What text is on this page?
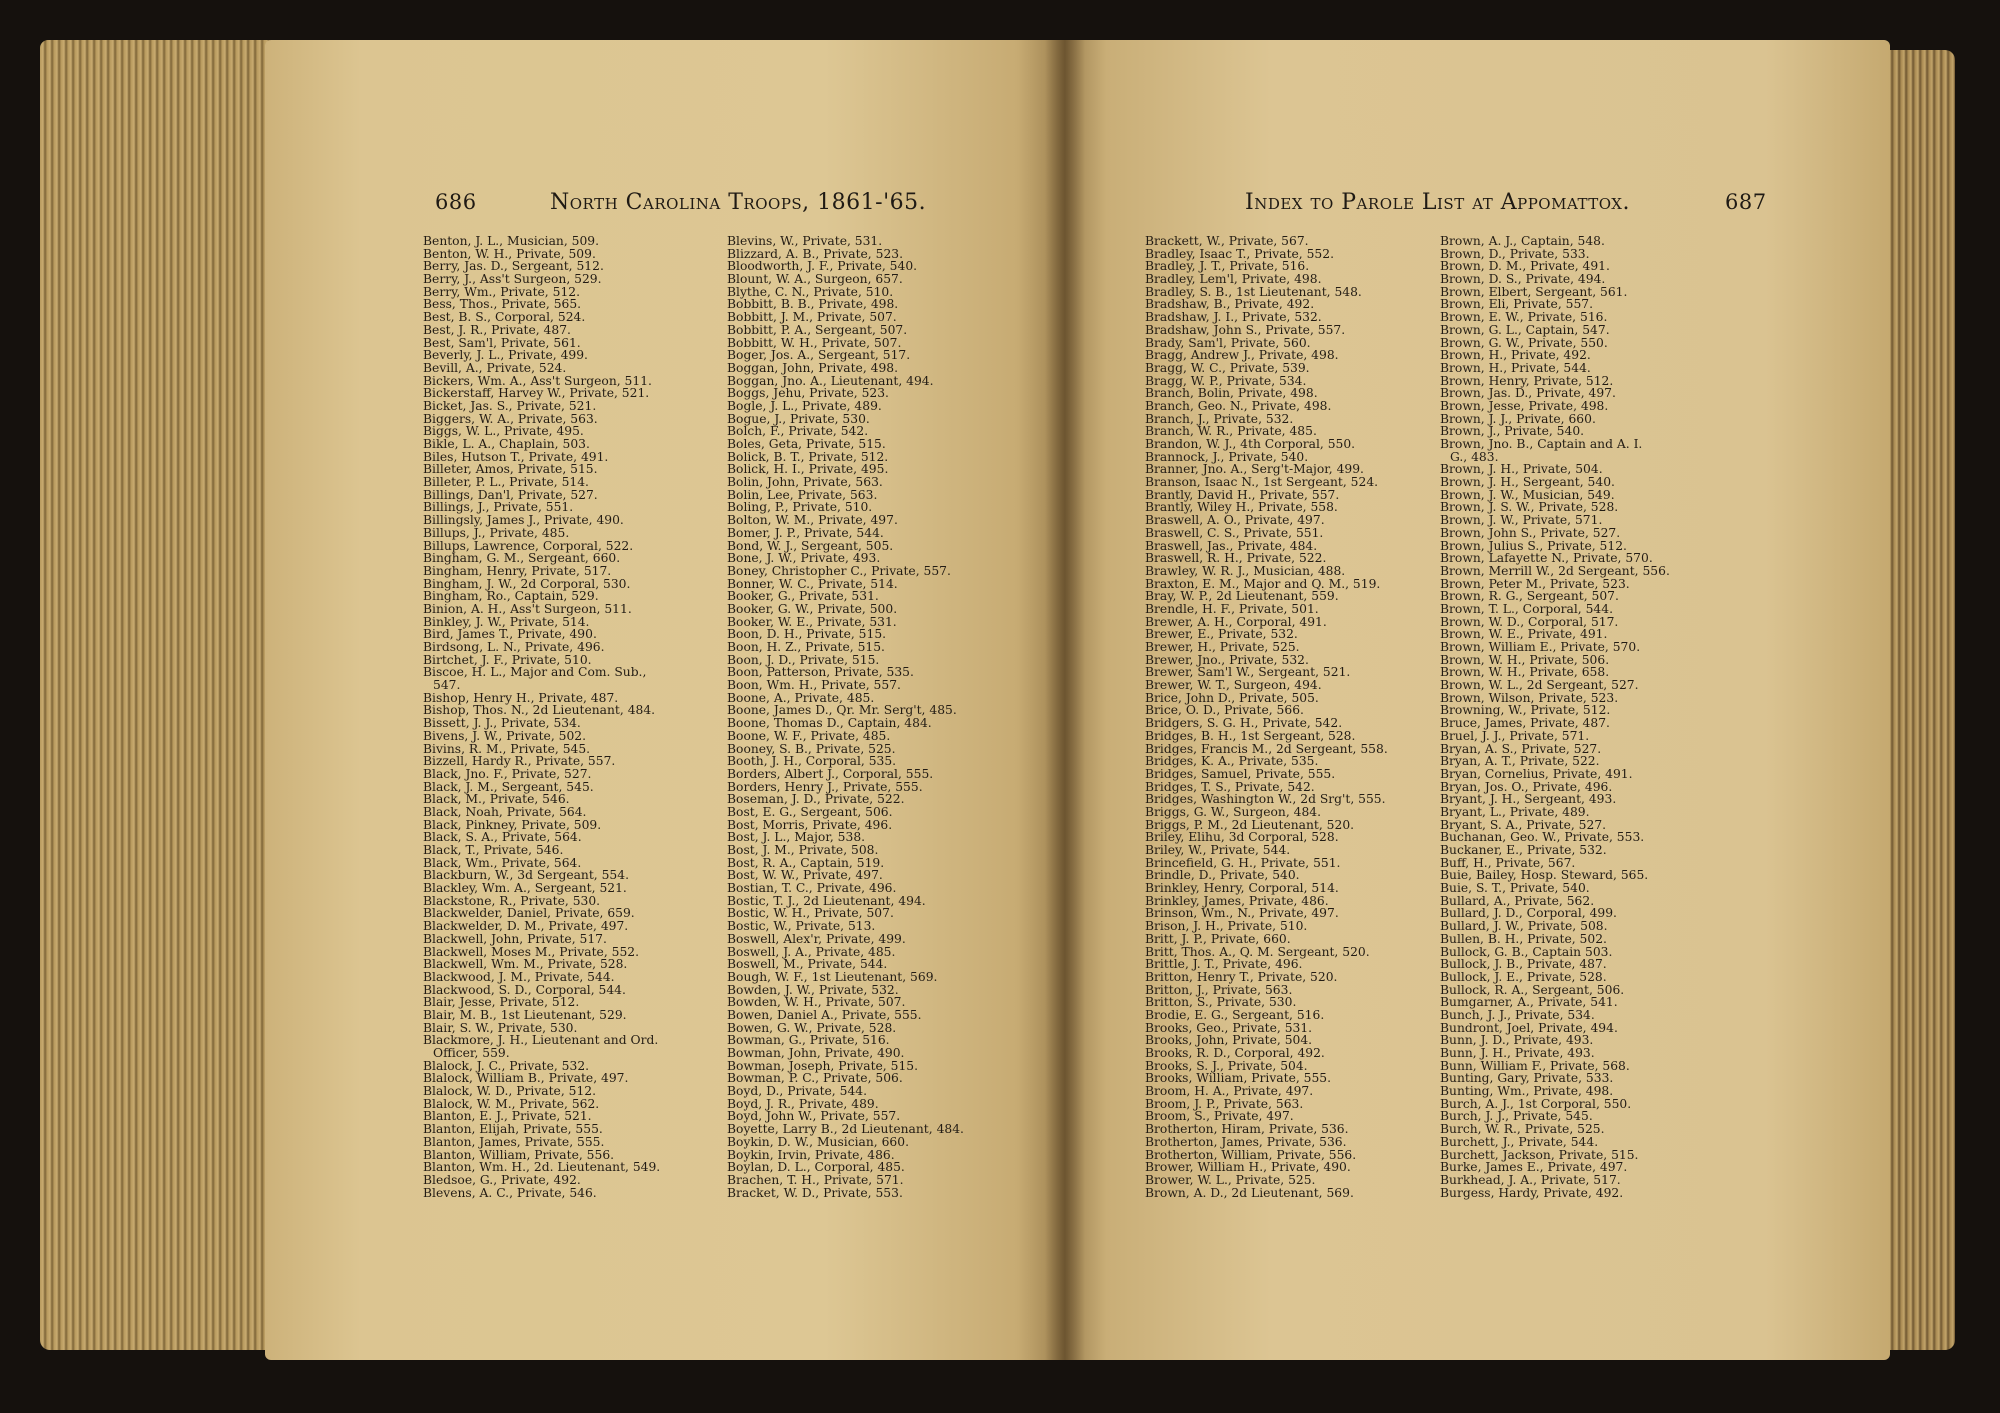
686	North Carolina Troops, 1861-'65.
Benton, J. L., Musician, 509.
Benton, W. H., Private, 509.
Berry, Jas. D., Sergeant, 512.
Berry, J., Ass't Surgeon, 529.
Berry, Wm., Private, 512.
Bess, Thos., Private, 565.
Best, B. S., Corporal, 524.
Best, J. R., Private, 487.
Best, Sam'l, Private, 561.
Beverly, J. L., Private, 499.
Bevill, A., Private, 524.
Bickers, Wm. A., Ass't Surgeon, 511.
Bickerstaff, Harvey W., Private, 521.
Bicket, Jas. S., Private, 521.
Biggers, W. A., Private, 563.
Biggs, W. L., Private, 495.
Bikle, L. A., Chaplain, 503.
Biles, Hutson T., Private, 491.
Billeter, Amos, Private, 515.
Billeter, P. L., Private, 514.
Billings, Dan'l, Private, 527.
Billings, J., Private, 551.
Billingsly, James J., Private, 490.
Billups, J., Private, 485.
Billups, Lawrence, Corporal, 522.
Bingham, G. M., Sergeant, 660.
Bingham, Henry, Private, 517.
Bingham, J. W., 2d Corporal, 530.
Bingham, Ro., Captain, 529.
Binion, A. H., Ass't Surgeon, 511.
Binkley, J. W., Private, 514.
Bird, James T., Private, 490.
Birdsong, L. N., Private, 496.
Birtchet, J. F., Private, 510.
Biscoe, H. L., Major and Com. Sub.,
547.
Bishop, Henry H., Private, 487.
Bishop, Thos. N., 2d Lieutenant, 484.
Bissett, J. J., Private, 534.
Bivens, J. W., Private, 502.
Bivins, R. M., Private, 545.
Bizzell, Hardy R., Private, 557.
Black, Jno. F., Private, 527.
Black, J. M., Sergeant, 545.
Black, M., Private, 546.
Black, Noah, Private, 564.
Black, Pinkney, Private, 509.
Black, S. A., Private, 564.
Black, T., Private, 546.
Black, Wm., Private, 564.
Blackburn, W., 3d Sergeant, 554.
Blackley, Wm. A., Sergeant, 521.
Blackstone, R., Private, 530.
Blackwelder, Daniel, Private, 659.
Blackwelder, D. M., Private, 497.
Blackwell, John, Private, 517.
Blackwell, Moses M., Private, 552.
Blackwell, Wm. M., Private, 528.
Blackwood, J. M., Private, 544.
Blackwood, S. D., Corporal, 544.
Blair, Jesse, Private, 512.
Blair, M. B., 1st Lieutenant, 529.
Blair, S. W., Private, 530.
Blackmore, J. H., Lieutenant and Ord.
Officer, 559.
Blalock, J. C., Private, 532.
Blalock, William B., Private, 497.
Blalock, W. D., Private, 512.
Blalock, W. M., Private, 562.
Blanton, E. J., Private, 521.
Blanton, Elijah, Private, 555.
Blanton, James, Private, 555.
Blanton, William, Private, 556.
Blanton, Wm. H., 2d. Lieutenant, 549.
Bledsoe, G., Private, 492.
Blevens, A. C., Private, 546.
Blevins, W., Private, 531.
Blizzard, A. B., Private, 523.
Bloodworth, J. F., Private, 540.
Blount, W. A., Surgeon, 657.
Blythe, C. N., Private, 510.
Bobbitt, B. B., Private, 498.
Bobbitt, J. M., Private, 507.
Bobbitt, P. A., Sergeant, 507.
Bobbitt, W. H., Private, 507.
Boger, Jos. A., Sergeant, 517.
Boggan, John, Private, 498.
Boggan, Jno. A., Lieutenant, 494.
Boggs, Jehu, Private, 523.
Bogle, J. L., Private, 489.
Bogue, J., Private, 530.
Bolch, F., Private, 542.
Boles, Geta, Private, 515.
Bolick, B. T., Private, 512.
Bolick, H. I., Private, 495.
Bolin, John, Private, 563.
Bolin, Lee, Private, 563.
Boling, P., Private, 510.
Bolton, W. M., Private, 497.
Bomer, J. P., Private, 544.
Bond, W. J., Sergeant, 505.
Bone, J. W., Private, 493.
Boney, Christopher C., Private, 557.
Bonner, W. C., Private, 514.
Booker, G., Private, 531.
Booker, G. W., Private, 500.
Booker, W. E., Private, 531.
Boon, D. H., Private, 515.
Boon, H. Z., Private, 515.
Boon, J. D., Private, 515.
Boon, Patterson, Private, 535.
Boon, Wm. H., Private, 557.
Boone, A., Private, 485.
Boone, James D., Qr. Mr. Serg't, 485.
Boone, Thomas D., Captain, 484.
Boone, W. F., Private, 485.
Booney, S. B., Private, 525.
Booth, J. H., Corporal, 535.
Borders, Albert J., Corporal, 555.
Borders, Henry J., Private, 555.
Boseman, J. D., Private, 522.
Bost, E. G., Sergeant, 506.
Bost, Morris, Private, 496.
Bost, J. L., Major, 538.
Bost, J. M., Private, 508.
Bost, R. A., Captain, 519.
Bost, W. W., Private, 497.
Bostian, T. C., Private, 496.
Bostic, T. J., 2d Lieutenant, 494.
Bostic, W. H., Private, 507.
Bostic, W., Private, 513.
Boswell, Alex'r, Private, 499.
Boswell, J. A., Private, 485.
Boswell, M., Private, 544.
Bough, W. F., 1st Lieutenant, 569.
Bowden, J. W., Private, 532.
Bowden, W. H., Private, 507.
Bowen, Daniel A., Private, 555.
Bowen, G. W., Private, 528.
Bowman, G., Private, 516.
Bowman, John, Private, 490.
Bowman, Joseph, Private, 515.
Bowman, P. C., Private, 506.
Boyd, D., Private, 544.
Boyd, J. R., Private, 489.
Boyd, John W., Private, 557.
Boyette, Larry B., 2d Lieutenant, 484.
Boykin, D. W., Musician, 660.
Boykin, Irvin, Private, 486.
Boylan, D. L., Corporal, 485.
Brachen, T. H., Private, 571.
Bracket, W. D., Private, 553.
Index to Parole List at Appomattox.	687
Brackett, W., Private, 567.
Bradley, Isaac T., Private, 552.
Bradley, J. T., Private, 516.
Bradley, Lem'l, Private, 498.
Bradley, S. B., 1st Lieutenant, 548.
Bradshaw, B., Private, 492.
Bradshaw, J. I., Private, 532.
Bradshaw, John S., Private, 557.
Brady, Sam'l, Private, 560.
Bragg, Andrew J., Private, 498.
Bragg, W. C., Private, 539.
Bragg, W. P., Private, 534.
Branch, Bolin, Private, 498.
Branch, Geo. N., Private, 498.
Branch, J., Private, 532.
Branch, W. R., Private, 485.
Brandon, W. J., 4th Corporal, 550.
Brannock, J., Private, 540.
Branner, Jno. A., Serg't-Major, 499.
Branson, Isaac N., 1st Sergeant, 524.
Brantly, David H., Private, 557.
Brantly, Wiley H., Private, 558.
Braswell, A. O., Private, 497.
Braswell, C. S., Private, 551.
Braswell, Jas., Private, 484.
Braswell, R. H., Private, 522.
Brawley, W. R. J., Musician, 488.
Braxton, E. M., Major and Q. M., 519.
Bray, W. P., 2d Lieutenant, 559.
Brendle, H. F., Private, 501.
Brewer, A. H., Corporal, 491.
Brewer, E., Private, 532.
Brewer, H., Private, 525.
Brewer, Jno., Private, 532.
Brewer, Sam'l W., Sergeant, 521.
Brewer, W. T., Surgeon, 494.
Brice, John D., Private, 505.
Brice, O. D., Private, 566.
Bridgers, S. G. H., Private, 542.
Bridges, B. H., 1st Sergeant, 528.
Bridges, Francis M., 2d Sergeant, 558.
Bridges, K. A., Private, 535.
Bridges, Samuel, Private, 555.
Bridges, T. S., Private, 542.
Bridges, Washington W., 2d Srg't, 555.
Briggs, G. W., Surgeon, 484.
Briggs, P. M., 2d Lieutenant, 520.
Briley, Elihu, 3d Corporal, 528.
Briley, W., Private, 544.
Brincefield, G. H., Private, 551.
Brindle, D., Private, 540.
Brinkley, Henry, Corporal, 514.
Brinkley, James, Private, 486.
Brinson, Wm., N., Private, 497.
Brison, J. H., Private, 510.
Britt, J. P., Private, 660.
Britt, Thos. A., Q. M. Sergeant, 520.
Brittle, J. T., Private, 496.
Britton, Henry T., Private, 520.
Britton, J., Private, 563.
Britton, S., Private, 530.
Brodie, E. G., Sergeant, 516.
Brooks, Geo., Private, 531.
Brooks, John, Private, 504.
Brooks, R. D., Corporal, 492.
Brooks, S. J., Private, 504.
Brooks, William, Private, 555.
Broom, H. A., Private, 497.
Broom, J. P., Private, 563.
Broom, S., Private, 497.
Brotherton, Hiram, Private, 536.
Brotherton, James, Private, 536.
Brotherton, William, Private, 556.
Brower, William H., Private, 490.
Brower, W. L., Private, 525.
Brown, A. D., 2d Lieutenant, 569.
Brown, A. J., Captain, 548.
Brown, D., Private, 533.
Brown, D. M., Private, 491.
Brown, D. S., Private, 494.
Brown, Elbert, Sergeant, 561.
Brown, Eli, Private, 557.
Brown, E. W., Private, 516.
Brown, G. L., Captain, 547.
Brown, G. W., Private, 550.
Brown, H., Private, 492.
Brown, H., Private, 544.
Brown, Henry, Private, 512.
Brown, Jas. D., Private, 497.
Brown, Jesse, Private, 498.
Brown, J. J., Private, 660.
Brown, J., Private, 540.
Brown, Jno. B., Captain and A. I.
G., 483.
Brown, J. H., Private, 504.
Brown, J. H., Sergeant, 540.
Brown, J. W., Musician, 549.
Brown, J. S. W., Private, 528.
Brown, J. W., Private, 571.
Brown, John S., Private, 527.
Brown, Julius S., Private, 512.
Brown, Lafayette N., Private, 570.
Brown, Merrill W., 2d Sergeant, 556.
Brown, Peter M., Private, 523.
Brown, R. G., Sergeant, 507.
Brown, T. L., Corporal, 544.
Brown, W. D., Corporal, 517.
Brown, W. E., Private, 491.
Brown, William E., Private, 570.
Brown, W. H., Private, 506.
Brown, W. H., Private, 658.
Brown, W. L., 2d Sergeant, 527.
Brown, Wilson, Private, 523.
Browning, W., Private, 512.
Bruce, James, Private, 487.
Bruel, J. J., Private, 571.
Bryan, A. S., Private, 527.
Bryan, A. T., Private, 522.
Bryan, Cornelius, Private, 491.
Bryan, Jos. O., Private, 496.
Bryant, J. H., Sergeant, 493.
Bryant, L., Private, 489.
Bryant, S. A., Private, 527.
Buchanan, Geo. W., Private, 553.
Buckaner, E., Private, 532.
Buff, H., Private, 567.
Buie, Bailey, Hosp. Steward, 565.
Buie, S. T., Private, 540.
Bullard, A., Private, 562.
Bullard, J. D., Corporal, 499.
Bullard, J. W., Private, 508.
Bullen, B. H., Private, 502.
Bullock, G. B., Captain 503.
Bullock, J. B., Private, 487.
Bullock, J. E., Private, 528.
Bullock, R. A., Sergeant, 506.
Bumgarner, A., Private, 541.
Bunch, J. J., Private, 534.
Bundront, Joel, Private, 494.
Bunn, J. D., Private, 493.
Bunn, J. H., Private, 493.
Bunn, William F., Private, 568.
Bunting, Gary, Private, 533.
Bunting, Wm., Private, 498.
Burch, A. J., 1st Corporal, 550.
Burch, J. J., Private, 545.
Burch, W. R., Private, 525.
Burchett, J., Private, 544.
Burchett, Jackson, Private, 515.
Burke, James E., Private, 497.
Burkhead, J. A., Private, 517.
Burgess, Hardy, Private, 492.
